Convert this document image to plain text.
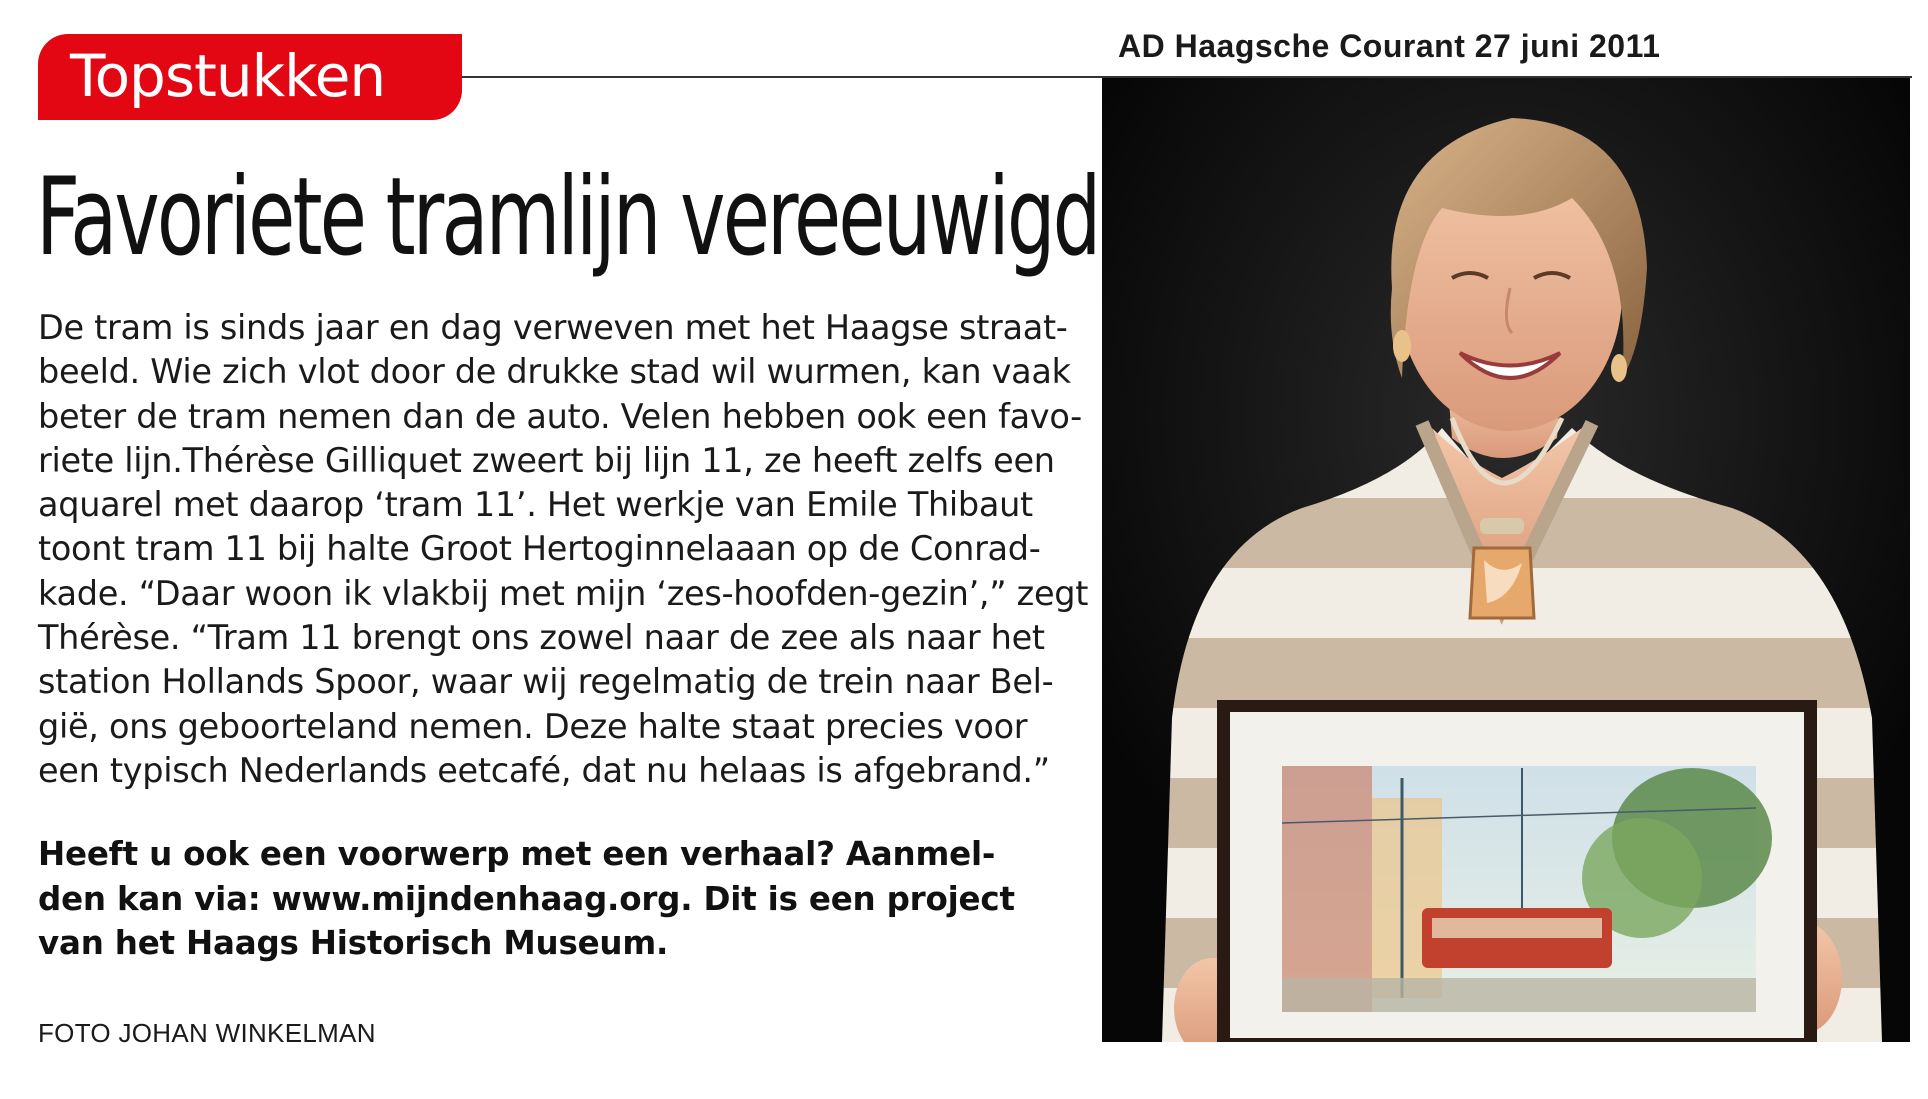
Topstukken	AD Haagsche Courant 27 juni 2011
Favoriete tramlijn vereeuwigd

De tram is sinds jaar en dag verweven met het Haagse straat-
beeld. Wie zich vlot door de drukke stad wil wurmen, kan vaak
beter de tram nemen dan de auto. Velen hebben ook een favo-
riete lijn.Thérèse Gilliquet zweert bij lijn 11, ze heeft zelfs een
aquarel met daarop ‘tram 11’. Het werkje van Emile Thibaut
toont tram 11 bij halte Groot Hertoginnelaaan op de Conrad-
kade. “Daar woon ik vlakbij met mijn ‘zes-hoofden-gezin’,” zegt
Thérèse. “Tram 11 brengt ons zowel naar de zee als naar het
station Hollands Spoor, waar wij regelmatig de trein naar Bel-
gië, ons geboorteland nemen. Deze halte staat precies voor
een typisch Nederlands eetcafé, dat nu helaas is afgebrand.”

Heeft u ook een voorwerp met een verhaal? Aanmel-
den kan via: www.mijndenhaag.org. Dit is een project
van het Haags Historisch Museum.

FOTO JOHAN WINKELMAN
